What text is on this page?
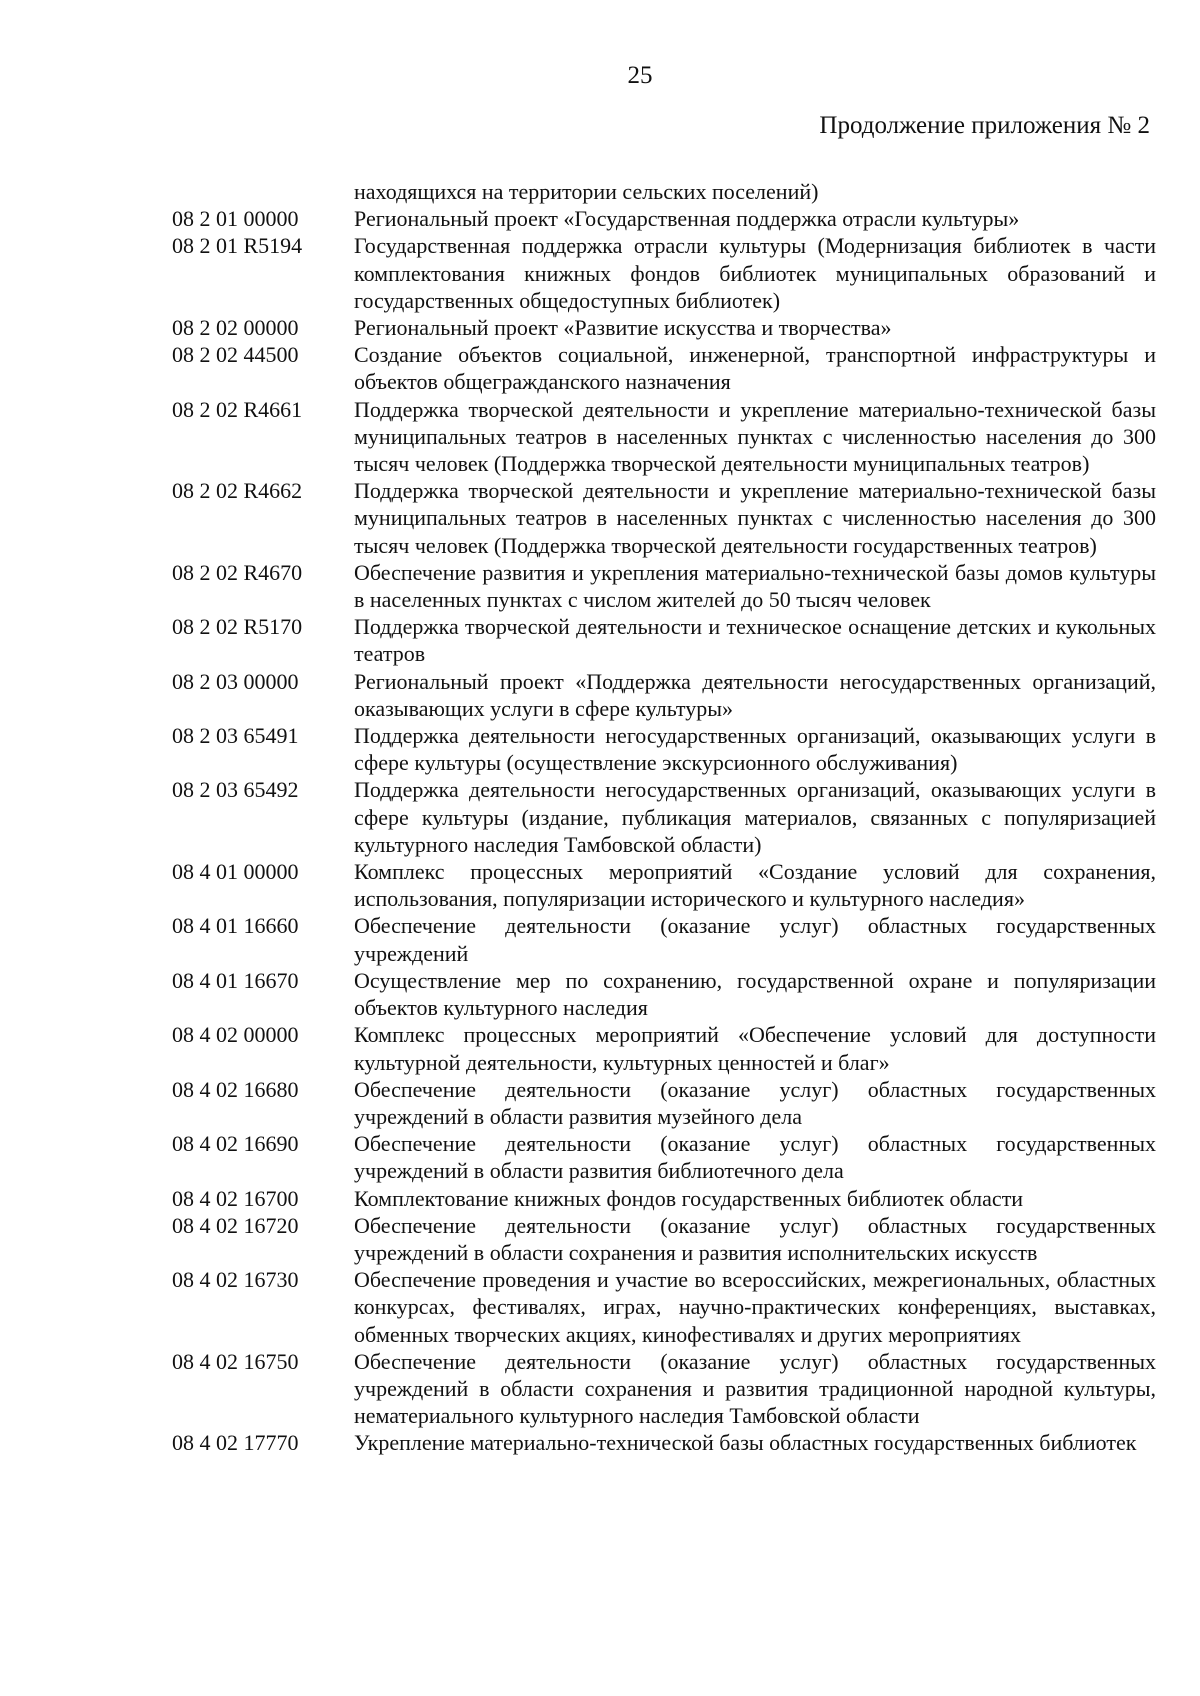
25
Продолжение приложения № 2
находящихся на территории сельских поселений)
08 2 01 00000	Региональный проект «Государственная поддержка отрасли культуры»
08 2 01 R5194	Государственная поддержка отрасли культуры (Модернизация библиотек в части комплектования книжных фондов библиотек муниципальных образований и государственных общедоступных библиотек)
08 2 02 00000	Региональный проект «Развитие искусства и творчества»
08 2 02 44500	Создание объектов социальной, инженерной, транспортной инфраструктуры и объектов общегражданского назначения
08 2 02 R4661	Поддержка творческой деятельности и укрепление материально-технической базы муниципальных театров в населенных пунктах с численностью населения до 300 тысяч человек (Поддержка творческой деятельности муниципальных театров)
08 2 02 R4662	Поддержка творческой деятельности и укрепление материально-технической базы муниципальных театров в населенных пунктах с численностью населения до 300 тысяч человек (Поддержка творческой деятельности государственных театров)
08 2 02 R4670	Обеспечение развития и укрепления материально-технической базы домов культуры в населенных пунктах с числом жителей до 50 тысяч человек
08 2 02 R5170	Поддержка творческой деятельности и техническое оснащение детских и кукольных театров
08 2 03 00000	Региональный проект «Поддержка деятельности негосударственных организаций, оказывающих услуги в сфере культуры»
08 2 03 65491	Поддержка деятельности негосударственных организаций, оказывающих услуги в сфере культуры (осуществление экскурсионного обслуживания)
08 2 03 65492	Поддержка деятельности негосударственных организаций, оказывающих услуги в сфере культуры (издание, публикация материалов, связанных с популяризацией культурного наследия Тамбовской области)
08 4 01 00000	Комплекс процессных мероприятий «Создание условий для сохранения, использования, популяризации исторического и культурного наследия»
08 4 01 16660	Обеспечение деятельности (оказание услуг) областных государственных учреждений
08 4 01 16670	Осуществление мер по сохранению, государственной охране и популяризации объектов культурного наследия
08 4 02 00000	Комплекс процессных мероприятий «Обеспечение условий для доступности культурной деятельности, культурных ценностей и благ»
08 4 02 16680	Обеспечение деятельности (оказание услуг) областных государственных учреждений в области развития музейного дела
08 4 02 16690	Обеспечение деятельности (оказание услуг) областных государственных учреждений в области развития библиотечного дела
08 4 02 16700	Комплектование книжных фондов государственных библиотек области
08 4 02 16720	Обеспечение деятельности (оказание услуг) областных государственных учреждений в области сохранения и развития исполнительских искусств
08 4 02 16730	Обеспечение проведения и участие во всероссийских, межрегиональных, областных конкурсах, фестивалях, играх, научно-практических конференциях, выставках, обменных творческих акциях, кинофестивалях и других мероприятиях
08 4 02 16750	Обеспечение деятельности (оказание услуг) областных государственных учреждений в области сохранения и развития традиционной народной культуры, нематериального культурного наследия Тамбовской области
08 4 02 17770	Укрепление материально-технической базы областных государственных библиотек
